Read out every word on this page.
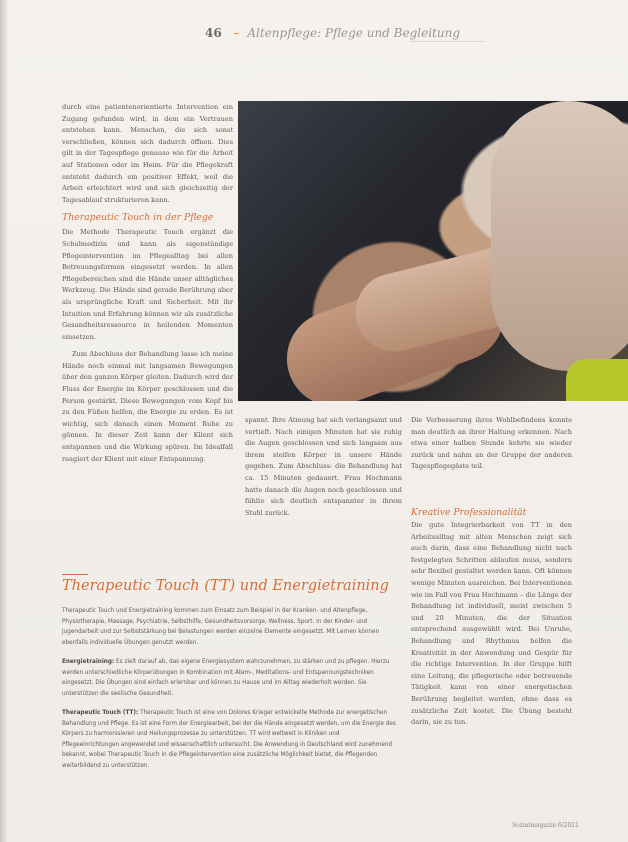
46 – Altenpflege: Pflege und Begleitung

durch eine patientenorientierte Intervention ein Zugang gefunden wird, in dem ein Vertrauen entstehen kann. Menschen, die sich sonst verschließen, können sich dadurch öffnen. Dies gilt in der Tagespflege genauso wie für die Arbeit auf Stationen oder im Heim. Für die Pflegekraft entsteht dadurch ein positiver Effekt, weil die Arbeit erleichtert wird und sich gleichzeitig der Tagesablauf strukturieren kann.

Therapeutic Touch in der Pflege

Die Methode Therapeutic Touch ergänzt die Schulmedizin und kann als eigenständige Pflegeintervention im Pflegealltag bei allen Betreuungsformen eingesetzt werden. In allen Pflegebereichen sind die Hände unser alltägliches Werkzeug. Die Hände sind gerade Berührung aber als ursprüngliche Kraft und Sicherheit. Mit ihr Intuition und Erfahrung können wir als zusätzliche Gesundheitsressource in heilenden Momenten einsetzen.

Zum Abschluss der Behandlung lasse ich meine Hände noch einmal mit langsamen Bewegungen über den ganzen Körper gleiten. Dadurch wird der Fluss der Energie im Körper geschlossen und die Person gestärkt. Diese Bewegungen vom Kopf bis zu den Füßen helfen, die Energie zu erden. Es ist wichtig, sich danach einen Moment Ruhe zu gönnen. In dieser Zeit kann der Klient sich entspannen und die Wirkung spüren. Im Idealfall reagiert der Klient mit einer Entspannung.

spannt. Ihre Atmung hat sich verlangsamt und vertieft. Nach einigen Minuten hat sie ruhig die Augen geschlossen und sich langsam aus ihrem steifen Körper in unsere Hände gegeben. Zum Abschluss: die Behandlung hat ca. 15 Minuten gedauert. Frau Hochmann hatte danach die Augen noch geschlossen und fühlte sich deutlich entspannter in ihrem Stuhl zurück.

Die Verbesserung ihres Wohlbefindens konnte man deutlich an ihrer Haltung erkennen. Nach etwa einer halben Stunde kehrte sie wieder zurück und nahm an der Gruppe der anderen Tagespflegegäste teil.

Kreative Professionalität

Die gute Integrierbarkeit von TT in den Arbeitsalltag mit alten Menschen zeigt sich auch darin, dass eine Behandlung nicht nach festgelegten Schritten ablaufen muss, sondern sehr flexibel gestaltet werden kann. Oft können wenige Minuten ausreichen. Bei Interventionen wie im Fall von Frau Hochmann – die Länge der Behandlung ist individuell, meist zwischen 5 und 20 Minuten, die der Situation entsprechend ausgewählt wird. Bei Unruhe, Behandlung und Rhythmus helfen die Kreativität in der Anwendung und Gespür für die richtige Intervention. In der Gruppe hilft eine Leitung, die pflegerische oder betreuende Tätigkeit kann von einer energetischen Berührung begleitet werden, ohne dass es zusätzliche Zeit kostet. Die Übung besteht darin, sie zu tun.

Therapeutic Touch (TT) und Energietraining

Therapeutic Touch und Energietraining kommen zum Einsatz zum Beispiel in der Kranken- und Altenpflege, Physiotherapie, Massage, Psychiatrie, Selbsthilfe, Gesundheitsvorsorge, Wellness, Sport. In der Kinder- und Jugendarbeit und zur Selbststärkung bei Belastungen werden einzelne Elemente eingesetzt. Mit Lernen können ebenfalls individuelle Übungen genutzt werden.

Energietraining: Es zielt darauf ab, das eigene Energiesystem wahrzunehmen, zu stärken und zu pflegen. Hierzu werden unterschiedliche Körperübungen in Kombination mit Atem-, Meditations- und Entspannungstechniken eingesetzt. Die Übungen sind einfach erlernbar und können zu Hause und im Alltag wiederholt werden. Sie unterstützen die seelische Gesundheit.

Therapeutic Touch (TT): Therapeutic Touch ist eine von Dolores Krieger entwickelte Methode zur energetischen Behandlung und Pflege. Es ist eine Form der Energiearbeit, bei der die Hände eingesetzt werden, um die Energie des Körpers zu harmonisieren und Heilungsprozesse zu unterstützen. TT wird weltweit in Kliniken und Pflegeeinrichtungen angewendet und wissenschaftlich untersucht. Die Anwendung in Deutschland wird zunehmend bekannt, wobei Therapeutic Touch in die Pflegeintervention eine zusätzliche Möglichkeit bietet, die Pflegenden weiterbildend zu unterstützen.

Sozialmagazin 6/2021
